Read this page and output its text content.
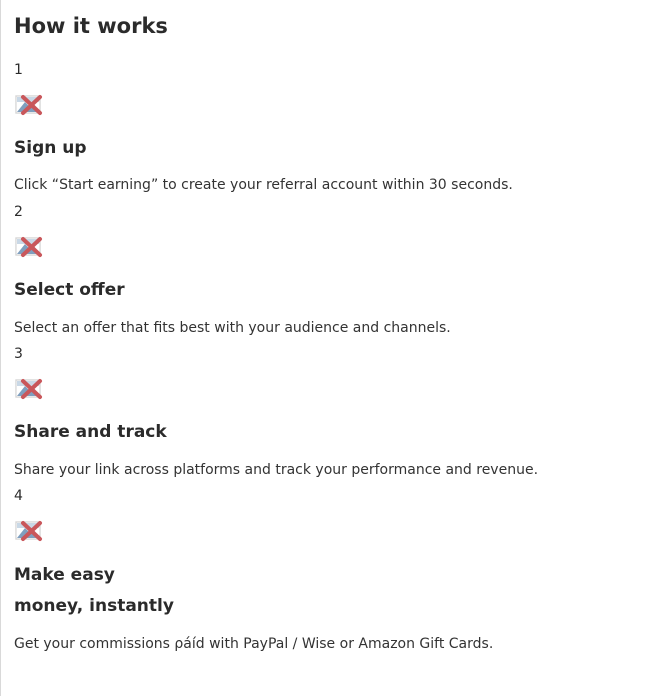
How it works
1
Sign up

Click “Start earning” to create your referral account within 30 seconds.

2
Select offer

Select an offer that fits best with your audience and channels.

3
Share and track

Share your link across platforms and track your performance and revenue.

4
Make easy
money, instantly

Get your commissions ρáíd with PayPal / Wise or Amazon Gift Cards.
